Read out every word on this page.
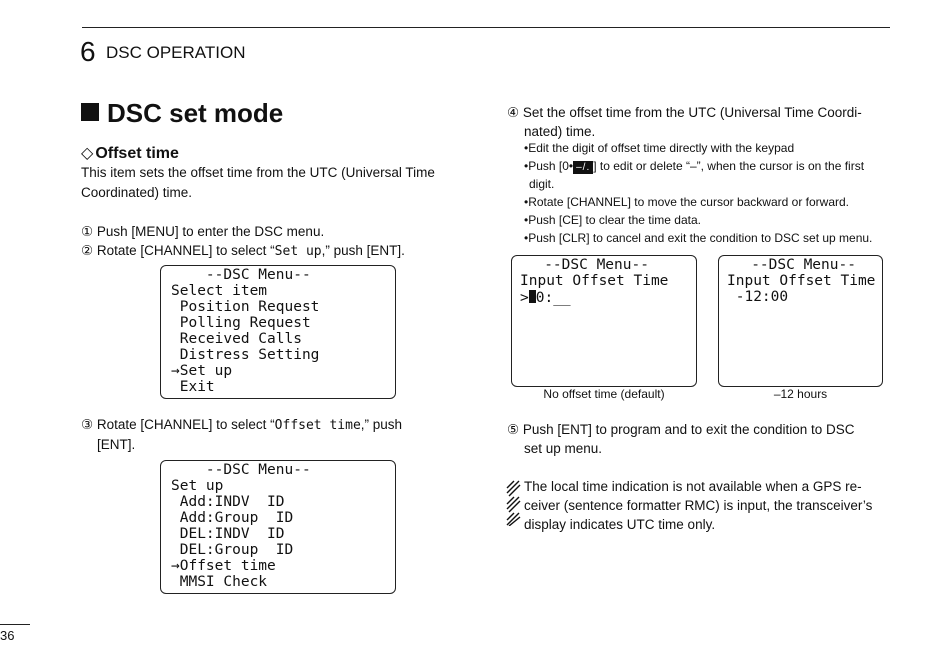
6 DSC OPERATION
DSC set mode
◇ Offset time
This item sets the offset time from the UTC (Universal Time
Coordinated) time.
① Push [MENU] to enter the DSC menu.
② Rotate [CHANNEL] to select “Set up,” push [ENT].
--DSC Menu--
Select item
Position Request
Polling Request
Received Calls
Distress Setting
→Set up
Exit
③ Rotate [CHANNEL] to select “Offset time,” push
[ENT].
--DSC Menu--
Set up
Add:INDV  ID
Add:Group  ID
DEL:INDV  ID
DEL:Group  ID
→Offset time
MMSI Check
④ Set the offset time from the UTC (Universal Time Coordi-
nated) time.
•Edit the digit of offset time directly with the keypad
•Push [0• –/. ] to edit or delete “–”, when the cursor is on the first
digit.
•Rotate [CHANNEL] to move the cursor backward or forward.
•Push [CE] to clear the time data.
•Push [CLR] to cancel and exit the condition to DSC set up menu.
--DSC Menu--
Input Offset Time
> 0:__
No offset time (default)
--DSC Menu--
Input Offset Time
-12:00
–12 hours
⑤ Push [ENT] to program and to exit the condition to DSC
set up menu.
The local time indication is not available when a GPS re-
ceiver (sentence formatter RMC) is input, the transceiver’s
display indicates UTC time only.
36
